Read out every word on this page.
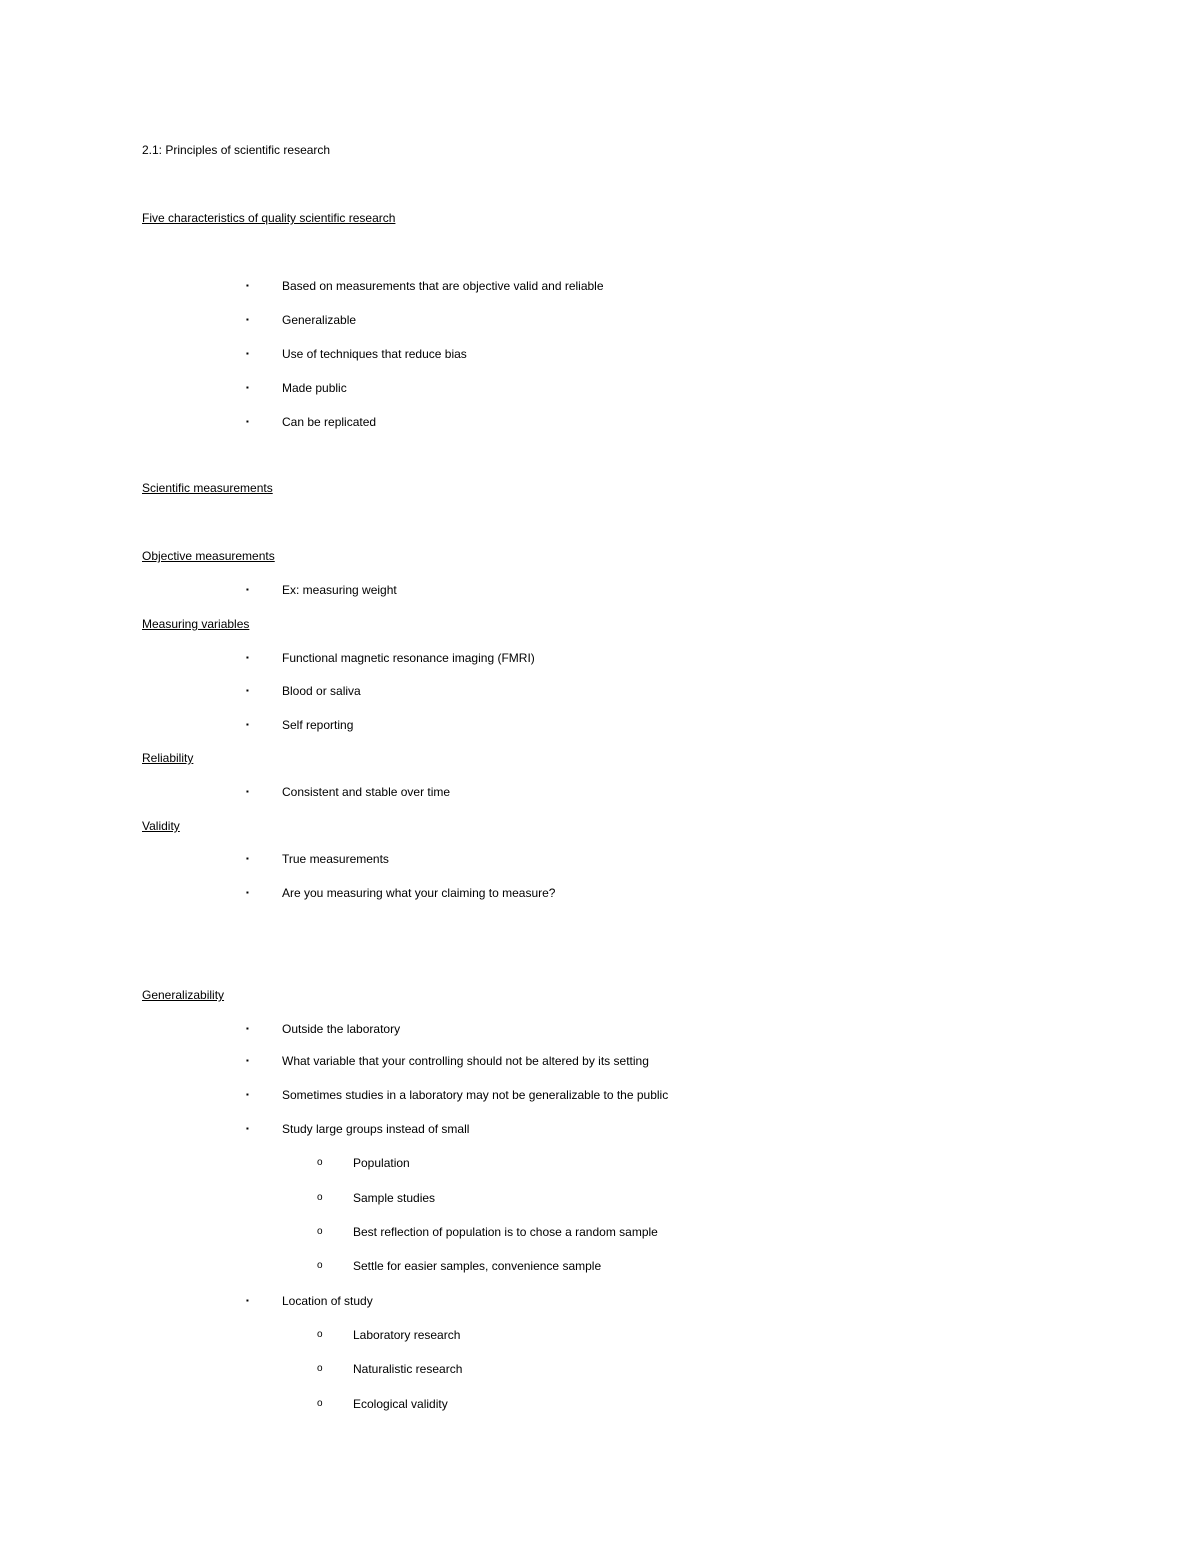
2.1: Principles of scientific research
Five characteristics of quality scientific research
▪	Based on measurements that are objective valid and reliable
▪	Generalizable
▪	Use of techniques that reduce bias
▪	Made public
▪	Can be replicated
Scientific measurements
Objective measurements
▪	Ex: measuring weight
Measuring variables
▪	Functional magnetic resonance imaging (FMRI)
▪	Blood or saliva
▪	Self reporting
Reliability
▪	Consistent and stable over time
Validity
▪	True measurements
▪	Are you measuring what your claiming to measure?
Generalizability
▪	Outside the laboratory
▪	What variable that your controlling should not be altered by its setting
▪	Sometimes studies in a laboratory may not be generalizable to the public
▪	Study large groups instead of small
o	Population
o	Sample studies
o	Best reflection of population is to chose a random sample
o	Settle for easier samples, convenience sample
▪	Location of study
o	Laboratory research
o	Naturalistic research
o	Ecological validity
